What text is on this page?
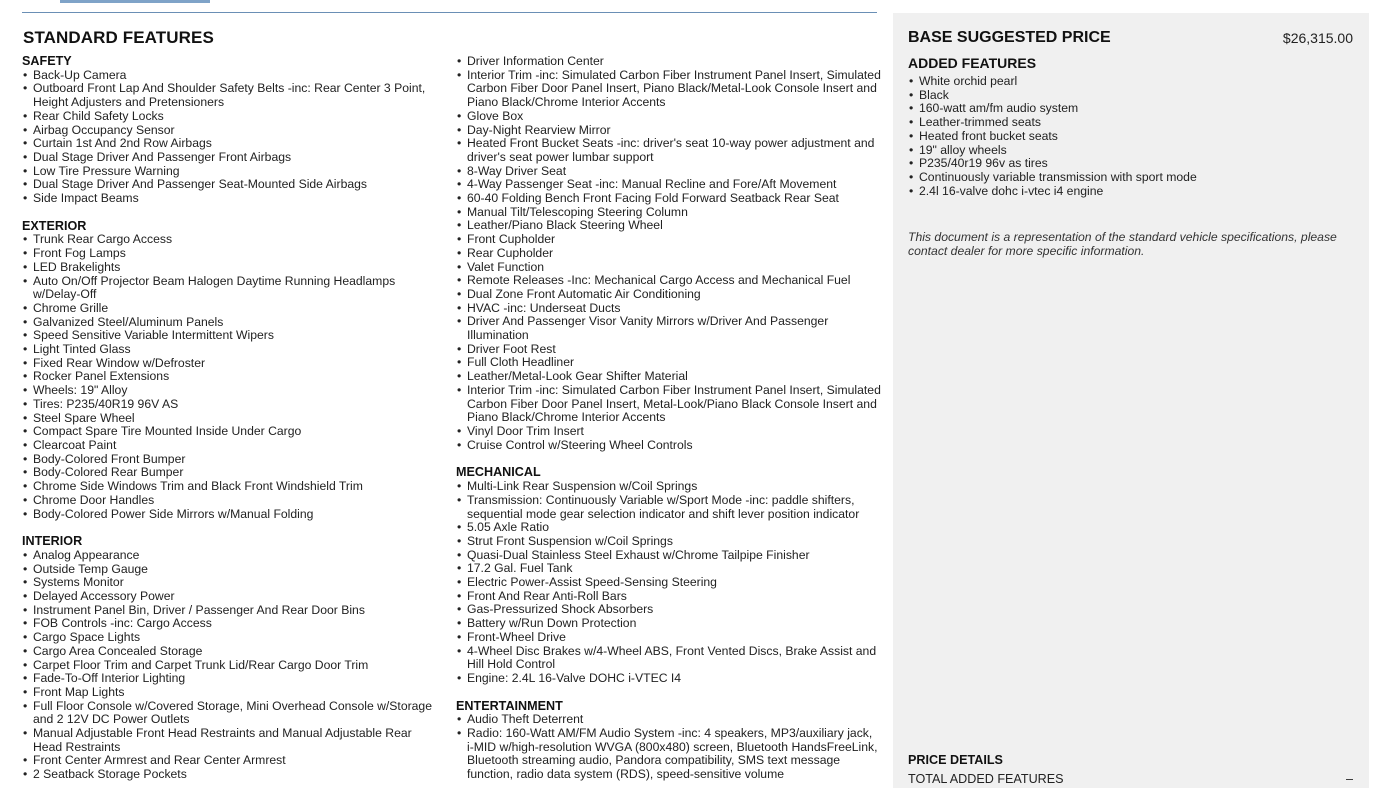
STANDARD FEATURES
SAFETY
• Back-Up Camera
• Outboard Front Lap And Shoulder Safety Belts -inc: Rear Center 3 Point, Height Adjusters and Pretensioners
• Rear Child Safety Locks
• Airbag Occupancy Sensor
• Curtain 1st And 2nd Row Airbags
• Dual Stage Driver And Passenger Front Airbags
• Low Tire Pressure Warning
• Dual Stage Driver And Passenger Seat-Mounted Side Airbags
• Side Impact Beams
EXTERIOR
• Trunk Rear Cargo Access
• Front Fog Lamps
• LED Brakelights
• Auto On/Off Projector Beam Halogen Daytime Running Headlamps w/Delay-Off
• Chrome Grille
• Galvanized Steel/Aluminum Panels
• Speed Sensitive Variable Intermittent Wipers
• Light Tinted Glass
• Fixed Rear Window w/Defroster
• Rocker Panel Extensions
• Wheels: 19" Alloy
• Tires: P235/40R19 96V AS
• Steel Spare Wheel
• Compact Spare Tire Mounted Inside Under Cargo
• Clearcoat Paint
• Body-Colored Front Bumper
• Body-Colored Rear Bumper
• Chrome Side Windows Trim and Black Front Windshield Trim
• Chrome Door Handles
• Body-Colored Power Side Mirrors w/Manual Folding
INTERIOR
• Analog Appearance
• Outside Temp Gauge
• Systems Monitor
• Delayed Accessory Power
• Instrument Panel Bin, Driver / Passenger And Rear Door Bins
• FOB Controls -inc: Cargo Access
• Cargo Space Lights
• Cargo Area Concealed Storage
• Carpet Floor Trim and Carpet Trunk Lid/Rear Cargo Door Trim
• Fade-To-Off Interior Lighting
• Front Map Lights
• Full Floor Console w/Covered Storage, Mini Overhead Console w/Storage and 2 12V DC Power Outlets
• Manual Adjustable Front Head Restraints and Manual Adjustable Rear Head Restraints
• Front Center Armrest and Rear Center Armrest
• 2 Seatback Storage Pockets
• Driver Information Center
• Interior Trim -inc: Simulated Carbon Fiber Instrument Panel Insert, Simulated Carbon Fiber Door Panel Insert, Piano Black/Metal-Look Console Insert and Piano Black/Chrome Interior Accents
• Glove Box
• Day-Night Rearview Mirror
• Heated Front Bucket Seats -inc: driver's seat 10-way power adjustment and driver's seat power lumbar support
• 8-Way Driver Seat
• 4-Way Passenger Seat -inc: Manual Recline and Fore/Aft Movement
• 60-40 Folding Bench Front Facing Fold Forward Seatback Rear Seat
• Manual Tilt/Telescoping Steering Column
• Leather/Piano Black Steering Wheel
• Front Cupholder
• Rear Cupholder
• Valet Function
• Remote Releases -Inc: Mechanical Cargo Access and Mechanical Fuel
• Dual Zone Front Automatic Air Conditioning
• HVAC -inc: Underseat Ducts
• Driver And Passenger Visor Vanity Mirrors w/Driver And Passenger Illumination
• Driver Foot Rest
• Full Cloth Headliner
• Leather/Metal-Look Gear Shifter Material
• Interior Trim -inc: Simulated Carbon Fiber Instrument Panel Insert, Simulated Carbon Fiber Door Panel Insert, Metal-Look/Piano Black Console Insert and Piano Black/Chrome Interior Accents
• Vinyl Door Trim Insert
• Cruise Control w/Steering Wheel Controls
MECHANICAL
• Multi-Link Rear Suspension w/Coil Springs
• Transmission: Continuously Variable w/Sport Mode -inc: paddle shifters, sequential mode gear selection indicator and shift lever position indicator
• 5.05 Axle Ratio
• Strut Front Suspension w/Coil Springs
• Quasi-Dual Stainless Steel Exhaust w/Chrome Tailpipe Finisher
• 17.2 Gal. Fuel Tank
• Electric Power-Assist Speed-Sensing Steering
• Front And Rear Anti-Roll Bars
• Gas-Pressurized Shock Absorbers
• Battery w/Run Down Protection
• Front-Wheel Drive
• 4-Wheel Disc Brakes w/4-Wheel ABS, Front Vented Discs, Brake Assist and Hill Hold Control
• Engine: 2.4L 16-Valve DOHC i-VTEC I4
ENTERTAINMENT
• Audio Theft Deterrent
• Radio: 160-Watt AM/FM Audio System -inc: 4 speakers, MP3/auxiliary jack, i-MID w/high-resolution WVGA (800x480) screen, Bluetooth HandsFreeLink, Bluetooth streaming audio, Pandora compatibility, SMS text message function, radio data system (RDS), speed-sensitive volume
BASE SUGGESTED PRICE	$26,315.00
ADDED FEATURES
• White orchid pearl
• Black
• 160-watt am/fm audio system
• Leather-trimmed seats
• Heated front bucket seats
• 19" alloy wheels
• P235/40r19 96v as tires
• Continuously variable transmission with sport mode
• 2.4l 16-valve dohc i-vtec i4 engine

This document is a representation of the standard vehicle specifications, please contact dealer for more specific information.

PRICE DETAILS
TOTAL ADDED FEATURES	–
